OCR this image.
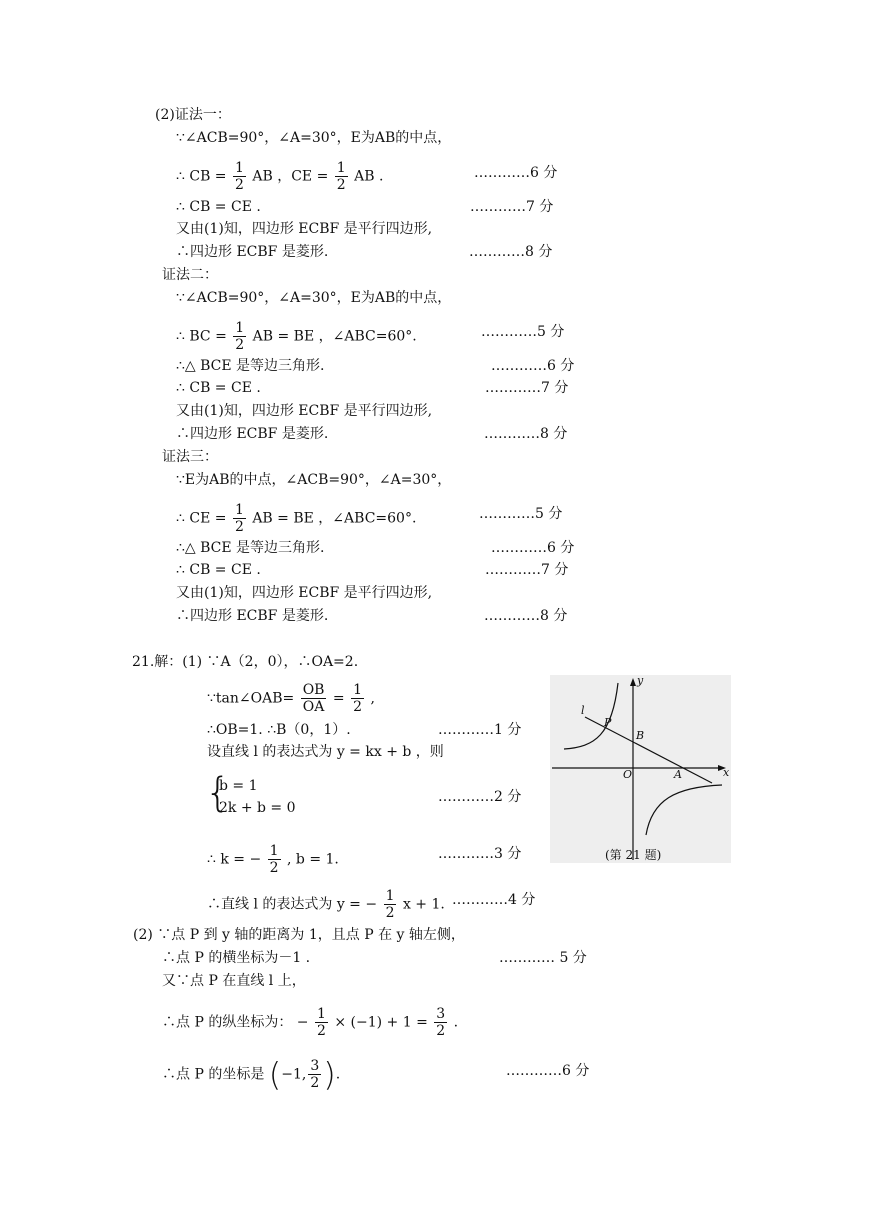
(2)证法一：
∵∠ACB=90°，∠A=30°，E为AB的中点，
∴ CB = $\frac{1}{2}$ AB ，CE = $\frac{1}{2}$ AB .	…………6 分
∴ CB = CE .	…………7 分
又由(1)知，四边形 ECBF 是平行四边形,
∴四边形 ECBF 是菱形.	…………8 分
证法二：
∵∠ACB=90°，∠A=30°，E为AB的中点，
∴ BC = $\frac{1}{2}$ AB = BE ，∠ABC=60°.	…………5 分
∴△ BCE 是等边三角形.	…………6 分
∴ CB = CE .	…………7 分
又由(1)知，四边形 ECBF 是平行四边形,
∴四边形 ECBF 是菱形.	…………8 分
证法三：
∵E为AB的中点，∠ACB=90°，∠A=30°，
∴ CE = $\frac{1}{2}$ AB = BE ，∠ABC=60°.	…………5 分
∴△ BCE 是等边三角形.	…………6 分
∴ CB = CE .	…………7 分
又由(1)知，四边形 ECBF 是平行四边形,
∴四边形 ECBF 是菱形.	…………8 分
21.解：(1) ∵A（2，0），∴OA=2.
∵tan∠OAB= $\frac{OB}{OA} = \frac{1}{2}$ ,
∴OB=1. ∴B（0，1）.	…………1 分
设直线 l 的表达式为 y = kx + b ，则
{ b = 1
2k + b = 0
…………2 分
∴ k = − $\frac{1}{2}$ , b = 1.	…………3 分
∴直线 l 的表达式为 y = − $\frac{1}{2}$ x + 1. …………4 分
y
x
O	A
B
P
l
(第 21 题)
(2) ∵点 P 到 y 轴的距离为 1，且点 P 在 y 轴左侧，
∴点 P 的横坐标为－1 .	………… 5 分
又∵点 P 在直线 l 上，
∴点 P 的纵坐标为： − $\frac{1}{2} \times (-1) + 1 = \frac{3}{2}$ .
∴点 P 的坐标是 (−1, $\frac{3}{2}$ ).	…………6 分
